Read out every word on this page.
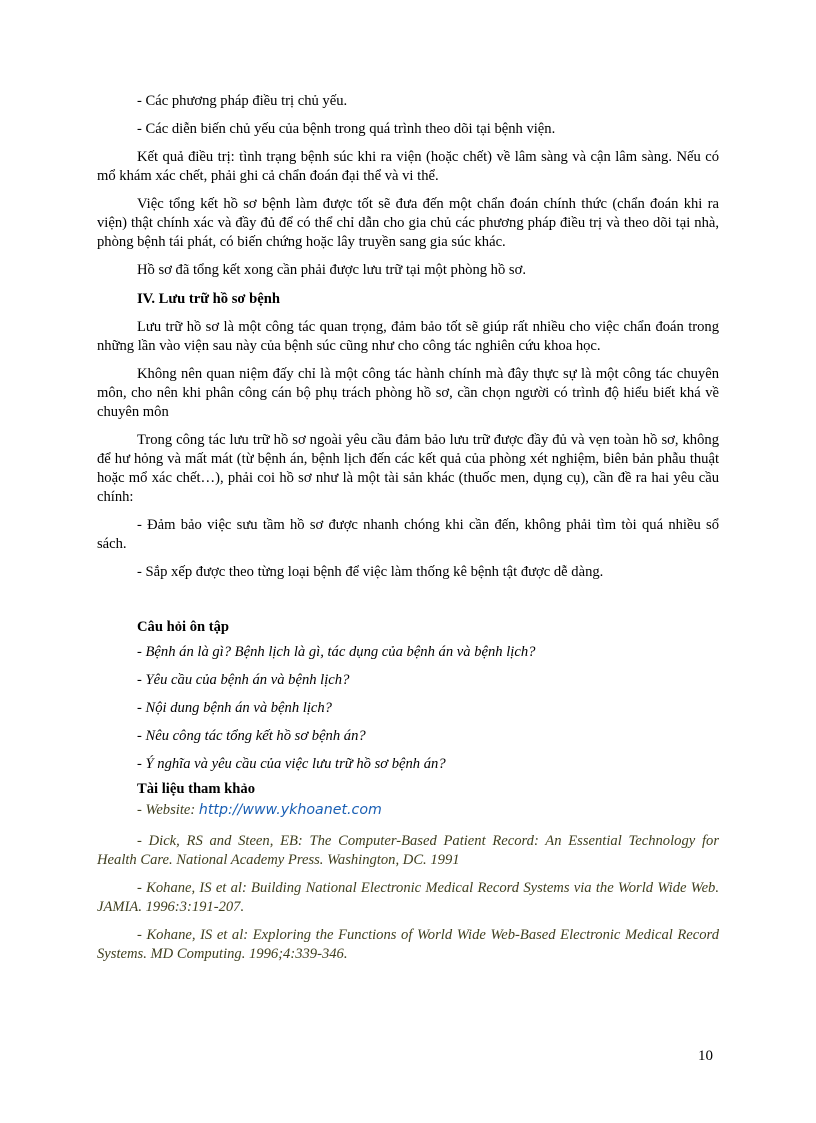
- Các phương pháp điều trị chủ yếu.

- Các diễn biến chủ yếu của bệnh trong quá trình theo dõi tại bệnh viện.

Kết quả điều trị: tình trạng bệnh súc khi ra viện (hoặc chết) về lâm sàng và cận lâm sàng. Nếu có mổ khám xác chết, phải ghi cả chẩn đoán đại thể và vi thể.

Việc tổng kết hồ sơ bệnh làm được tốt sẽ đưa đến một chẩn đoán chính thức (chẩn đoán khi ra viện) thật chính xác và đầy đủ để có thể chỉ dẫn cho gia chủ các phương pháp điều trị và theo dõi tại nhà, phòng bệnh tái phát, có biến chứng hoặc lây truyền sang gia súc khác.

Hồ sơ đã tổng kết xong cần phải được lưu trữ tại một phòng hồ sơ.

IV. Lưu trữ hồ sơ bệnh

Lưu trữ hồ sơ là một công tác quan trọng, đảm bảo tốt sẽ giúp rất nhiều cho việc chẩn đoán trong những lần vào viện sau này của bệnh súc cũng như cho công tác nghiên cứu khoa học.

Không nên quan niệm đấy chỉ là một công tác hành chính mà đây thực sự là một công tác chuyên môn, cho nên khi phân công cán bộ phụ trách phòng hồ sơ, cần chọn người có trình độ hiểu biết khá về chuyên môn

Trong công tác lưu trữ hồ sơ ngoài yêu cầu đảm bảo lưu trữ được đầy đủ và vẹn toàn hồ sơ, không để hư hỏng và mất mát (từ bệnh án, bệnh lịch đến các kết quả của phòng xét nghiệm, biên bản phẫu thuật hoặc mổ xác chết…), phải coi hồ sơ như là một tài sản khác (thuốc men, dụng cụ), cần đề ra hai yêu cầu chính:

- Đảm bảo việc sưu tầm hồ sơ được nhanh chóng khi cần đến, không phải tìm tòi quá nhiều sổ sách.

- Sắp xếp được theo từng loại bệnh để việc làm thống kê bệnh tật được dễ dàng.

Câu hỏi ôn tập

- Bệnh án là gì? Bệnh lịch là gì, tác dụng của bệnh án và bệnh lịch?

- Yêu cầu của bệnh án và bệnh lịch?

- Nội dung bệnh án và bệnh lịch?

- Nêu công tác tổng kết hồ sơ bệnh án?

- Ý nghĩa và yêu cầu của việc lưu trữ hồ sơ bệnh án?

Tài liệu tham khảo

- Website: http://www.ykhoanet.com

- Dick, RS and Steen, EB: The Computer-Based Patient Record: An Essential Technology for Health Care. National Academy Press. Washington, DC. 1991

- Kohane, IS et al: Building National Electronic Medical Record Systems via the World Wide Web. JAMIA. 1996:3:191-207.

- Kohane, IS et al: Exploring the Functions of World Wide Web-Based Electronic Medical Record Systems. MD Computing. 1996;4:339-346.

10
